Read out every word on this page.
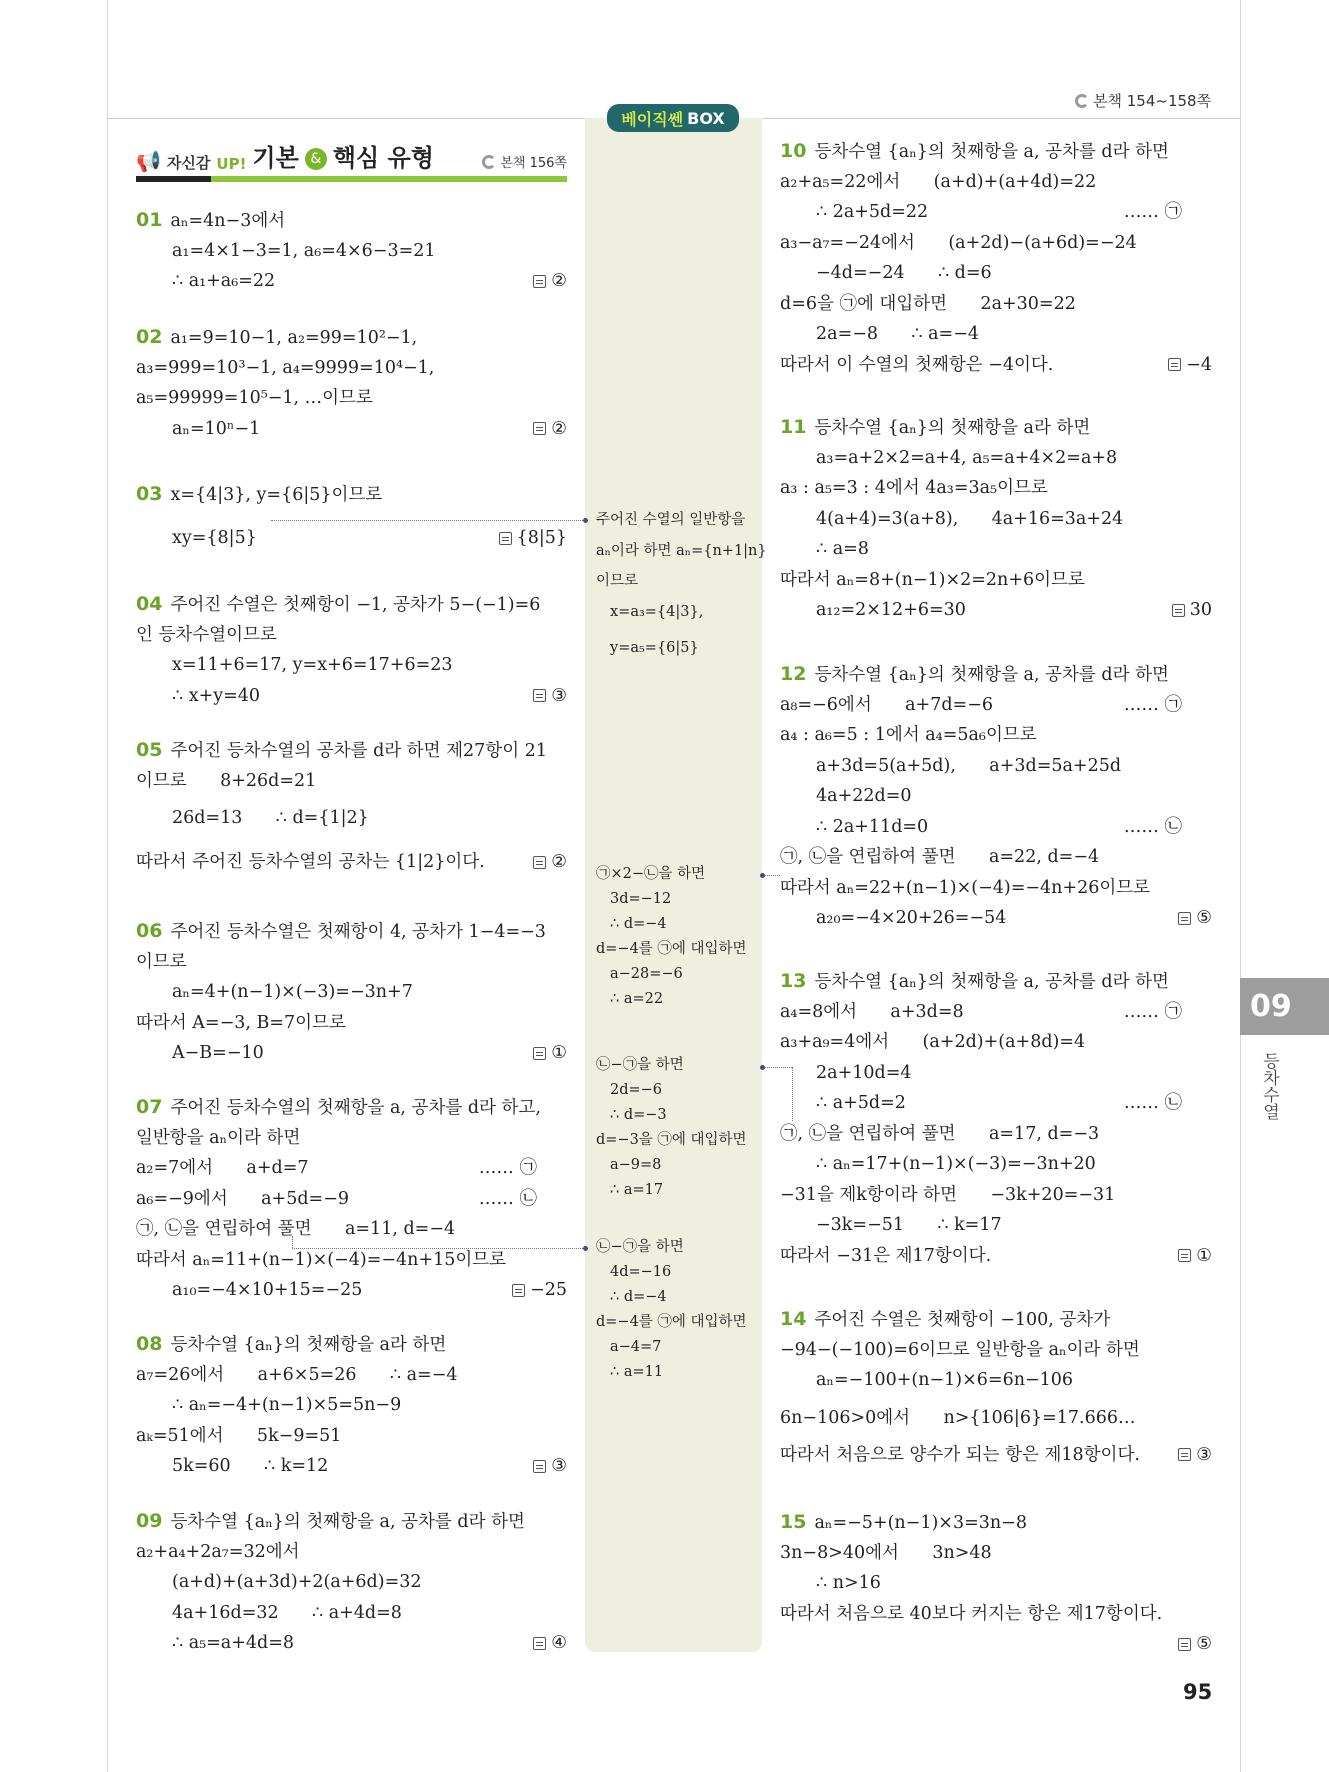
본책 154~158쪽
베이직쎈 BOX
📢 자신감 UP! 기본 & 핵심 유형	본책 156쪽
01 aₙ=4n−3에서
a₁=4×1−3=1, a₆=4×6−3=21
∴ a₁+a₆=22	②
02 a₁=9=10−1, a₂=99=10²−1,
a₃=999=10³−1, a₄=9999=10⁴−1,
a₅=99999=10⁵−1, …이므로
aₙ=10ⁿ−1	②
03 x={4|3}, y={6|5}이므로
xy={8|5}	{8|5}
04 주어진 수열은 첫째항이 −1, 공차가 5−(−1)=6
인 등차수열이므로
x=11+6=17, y=x+6=17+6=23
∴ x+y=40	③
05 주어진 등차수열의 공차를 d라 하면 제27항이 21
이므로      8+26d=21
26d=13      ∴ d={1|2}
따라서 주어진 등차수열의 공차는 {1|2}이다.	②
06 주어진 등차수열은 첫째항이 4, 공차가 1−4=−3
이므로
aₙ=4+(n−1)×(−3)=−3n+7
따라서 A=−3, B=7이므로
A−B=−10	①
07 주어진 등차수열의 첫째항을 a, 공차를 d라 하고,
일반항을 aₙ이라 하면
a₂=7에서      a+d=7	…… ㉠
a₆=−9에서      a+5d=−9	…… ㉡
㉠, ㉡을 연립하여 풀면      a=11, d=−4
따라서 aₙ=11+(n−1)×(−4)=−4n+15이므로
a₁₀=−4×10+15=−25	−25
08 등차수열 {aₙ}의 첫째항을 a라 하면
a₇=26에서      a+6×5=26      ∴ a=−4
∴ aₙ=−4+(n−1)×5=5n−9
aₖ=51에서      5k−9=51
5k=60      ∴ k=12	③
09 등차수열 {aₙ}의 첫째항을 a, 공차를 d라 하면
a₂+a₄+2a₇=32에서
(a+d)+(a+3d)+2(a+6d)=32
4a+16d=32      ∴ a+4d=8
∴ a₅=a+4d=8	④
10 등차수열 {aₙ}의 첫째항을 a, 공차를 d라 하면
a₂+a₅=22에서      (a+d)+(a+4d)=22
∴ 2a+5d=22	…… ㉠
a₃−a₇=−24에서      (a+2d)−(a+6d)=−24
−4d=−24      ∴ d=6
d=6을 ㉠에 대입하면      2a+30=22
2a=−8      ∴ a=−4
따라서 이 수열의 첫째항은 −4이다.	−4
11 등차수열 {aₙ}의 첫째항을 a라 하면
a₃=a+2×2=a+4, a₅=a+4×2=a+8
a₃ : a₅=3 : 4에서 4a₃=3a₅이므로
4(a+4)=3(a+8),      4a+16=3a+24
∴ a=8
따라서 aₙ=8+(n−1)×2=2n+6이므로
a₁₂=2×12+6=30	30
12 등차수열 {aₙ}의 첫째항을 a, 공차를 d라 하면
a₈=−6에서      a+7d=−6	…… ㉠
a₄ : a₆=5 : 1에서 a₄=5a₆이므로
a+3d=5(a+5d),      a+3d=5a+25d
4a+22d=0
∴ 2a+11d=0	…… ㉡
㉠, ㉡을 연립하여 풀면      a=22, d=−4
따라서 aₙ=22+(n−1)×(−4)=−4n+26이므로
a₂₀=−4×20+26=−54	⑤
13 등차수열 {aₙ}의 첫째항을 a, 공차를 d라 하면
a₄=8에서      a+3d=8	…… ㉠
a₃+a₉=4에서      (a+2d)+(a+8d)=4
2a+10d=4
∴ a+5d=2	…… ㉡
㉠, ㉡을 연립하여 풀면      a=17, d=−3
∴ aₙ=17+(n−1)×(−3)=−3n+20
−31을 제k항이라 하면      −3k+20=−31
−3k=−51      ∴ k=17
따라서 −31은 제17항이다.	①
14 주어진 수열은 첫째항이 −100, 공차가
−94−(−100)=6이므로 일반항을 aₙ이라 하면
aₙ=−100+(n−1)×6=6n−106
6n−106>0에서      n>{106|6}=17.666…
따라서 처음으로 양수가 되는 항은 제18항이다.	③
15 aₙ=−5+(n−1)×3=3n−8
3n−8>40에서      3n>48
∴ n>16
따라서 처음으로 40보다 커지는 항은 제17항이다.
⑤
주어진 수열의 일반항을
aₙ이라 하면 aₙ={n+1|n}
이므로
x=a₃={4|3},
y=a₅={6|5}
㉠×2−㉡을 하면
3d=−12
∴ d=−4
d=−4를 ㉠에 대입하면
a−28=−6
∴ a=22
㉡−㉠을 하면
2d=−6
∴ d=−3
d=−3을 ㉠에 대입하면
a−9=8
∴ a=17
㉡−㉠을 하면
4d=−16
∴ d=−4
d=−4를 ㉠에 대입하면
a−4=7
∴ a=11
09
등차수열
95
